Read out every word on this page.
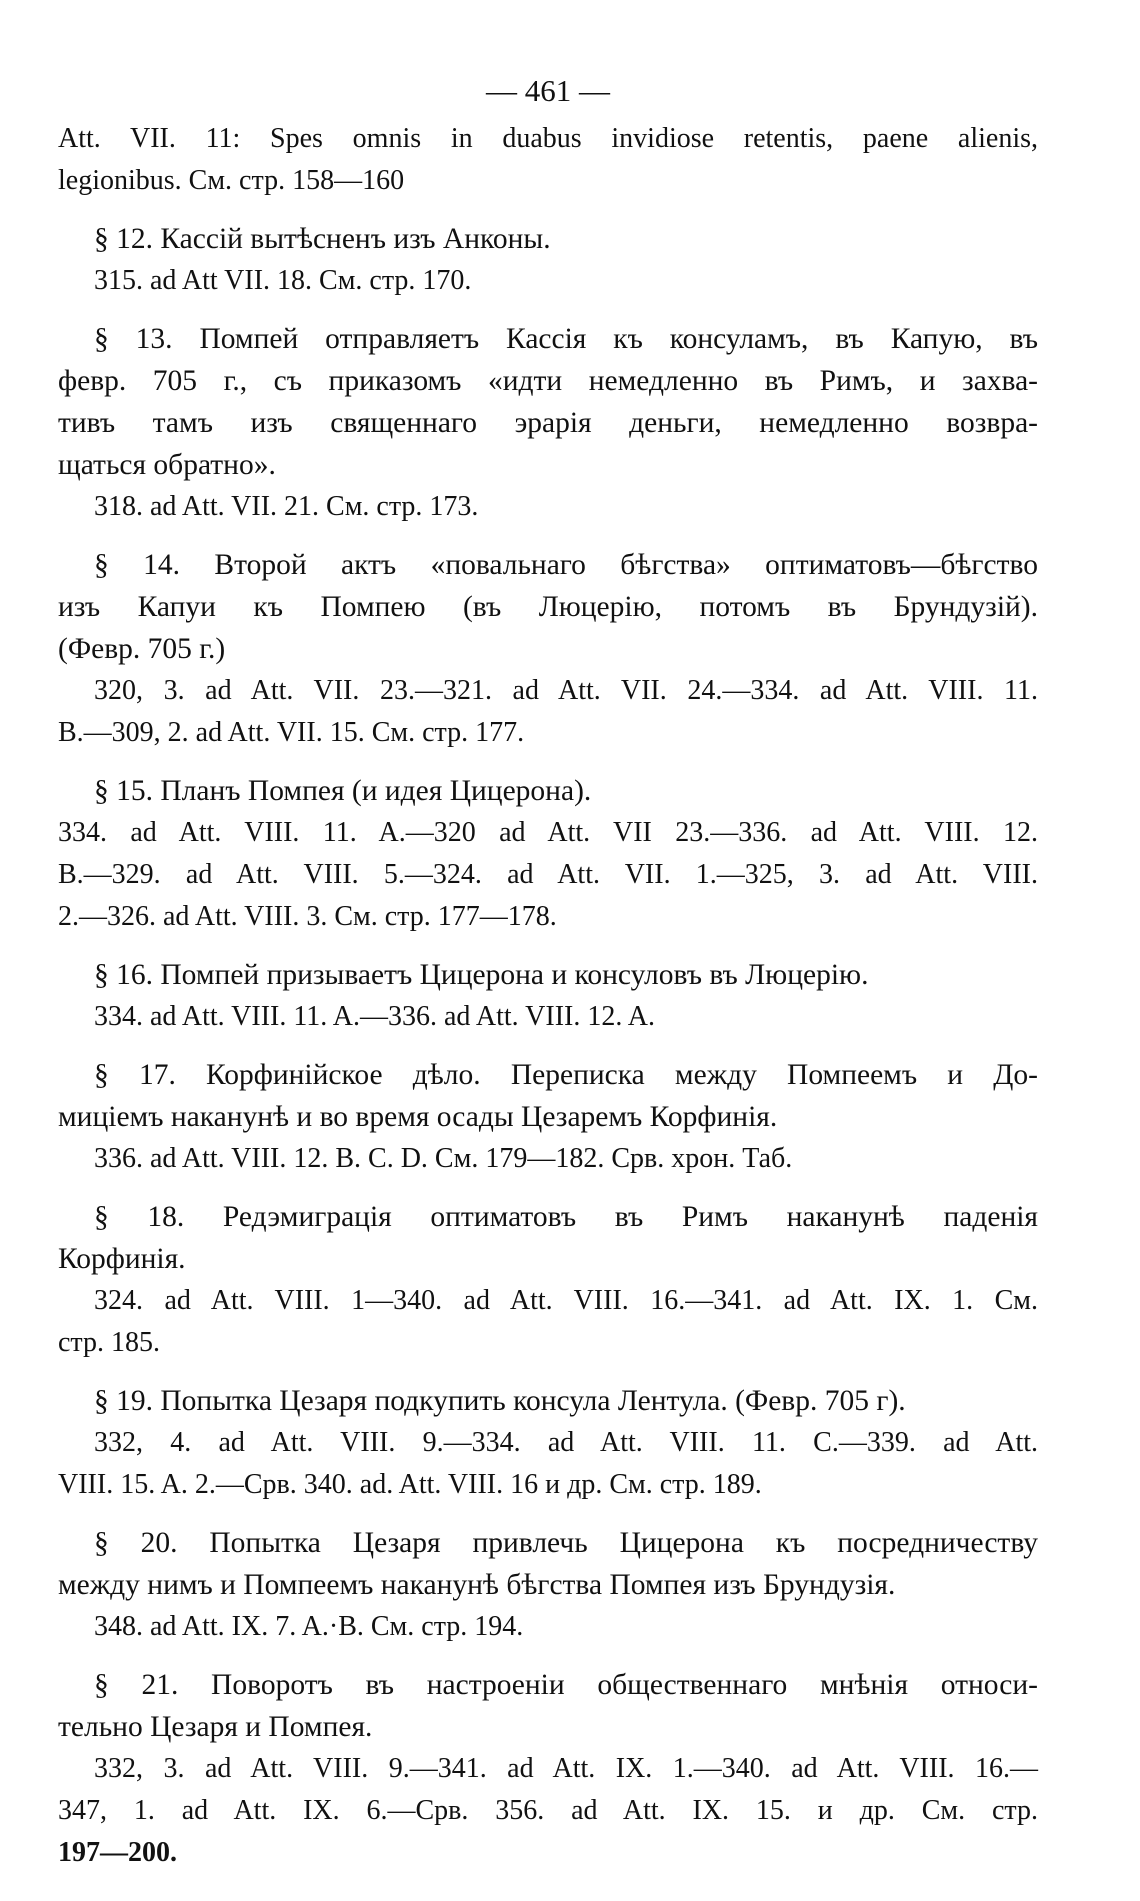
— 461 —
Att. VII. 11: Spes omnis in duabus invidiose retentis, paene alienis,
legionibus. См. стр. 158—160
§ 12. Кассій вытѣсненъ изъ Анконы.
315. ad Att VII. 18. См. стр. 170.
§ 13. Помпей отправляетъ Кассія къ консуламъ, въ Капую, въ
февр. 705 г., съ приказомъ «идти немедленно въ Римъ, и захва-
тивъ тамъ изъ священнаго эрарія деньги, немедленно возвра-
щаться обратно».
318. ad Att. VII. 21. См. стр. 173.
§ 14. Второй актъ «повальнаго бѣгства» оптиматовъ—бѣгство
изъ Капуи къ Помпею (въ Люцерію, потомъ въ Брундузій).
(Февр. 705 г.)
320, 3. ad Att. VII. 23.—321. ad Att. VII. 24.—334. ad Att. VIII. 11.
B.—309, 2. ad Att. VII. 15. См. стр. 177.
§ 15. Планъ Помпея (и идея Цицерона).
334. ad Att. VIII. 11. A.—320 ad Att. VII 23.—336. ad Att. VIII. 12.
B.—329. ad Att. VIII. 5.—324. ad Att. VII. 1.—325, 3. ad Att. VIII.
2.—326. ad Att. VIII. 3. См. стр. 177—178.
§ 16. Помпей призываетъ Цицерона и консуловъ въ Люцерію.
334. ad Att. VIII. 11. A.—336. ad Att. VIII. 12. A.
§ 17. Корфинійское дѣло. Переписка между Помпеемъ и До-
миціемъ наканунѣ и во время осады Цезаремъ Корфинія.
336. ad Att. VIII. 12. B. C. D. См. 179—182. Срв. хрон. Таб.
§ 18. Редэмиграція оптиматовъ въ Римъ наканунѣ паденія
Корфинія.
324. ad Att. VIII. 1—340. ad Att. VIII. 16.—341. ad Att. IX. 1. См.
стр. 185.
§ 19. Попытка Цезаря подкупить консула Лентула. (Февр. 705 г).
332, 4. ad Att. VIII. 9.—334. ad Att. VIII. 11. C.—339. ad Att.
VIII. 15. A. 2.—Срв. 340. ad. Att. VIII. 16 и др. См. стр. 189.
§ 20. Попытка Цезаря привлечь Цицерона къ посредничеству
между нимъ и Помпеемъ наканунѣ бѣгства Помпея изъ Брундузія.
348. ad Att. IX. 7. A.·B. См. стр. 194.
§ 21. Поворотъ въ настроеніи общественнаго мнѣнія относи-
тельно Цезаря и Помпея.
332, 3. ad Att. VIII. 9.—341. ad Att. IX. 1.—340. ad Att. VIII. 16.—
347, 1. ad Att. IX. 6.—Срв. 356. ad Att. IX. 15. и др. См. стр.
197—200.
